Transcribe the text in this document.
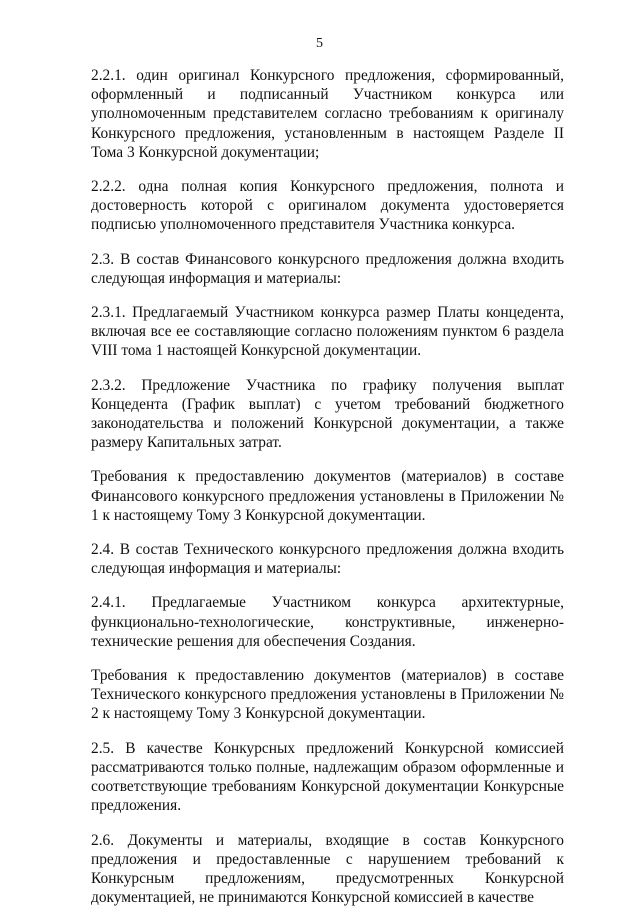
5

2.2.1. один оригинал Конкурсного предложения, сформированный, оформленный и подписанный Участником конкурса или уполномоченным представителем согласно требованиям к оригиналу Конкурсного предложения, установленным в настоящем Разделе II Тома 3 Конкурсной документации;

2.2.2. одна полная копия Конкурсного предложения, полнота и достоверность которой с оригиналом документа удостоверяется подписью уполномоченного представителя Участника конкурса.

2.3. В состав Финансового конкурсного предложения должна входить следующая информация и материалы:

2.3.1. Предлагаемый Участником конкурса размер Платы концедента, включая все ее составляющие согласно положениям пунктом 6 раздела VIII тома 1 настоящей Конкурсной документации.

2.3.2. Предложение Участника по графику получения выплат Концедента (График выплат) с учетом требований бюджетного законодательства и положений Конкурсной документации, а также размеру Капитальных затрат.

Требования к предоставлению документов (материалов) в составе Финансового конкурсного предложения установлены в Приложении № 1 к настоящему Тому 3 Конкурсной документации.

2.4. В состав Технического конкурсного предложения должна входить следующая информация и материалы:

2.4.1. Предлагаемые Участником конкурса архитектурные, функционально-технологические, конструктивные, инженерно-технические решения для обеспечения Создания.

Требования к предоставлению документов (материалов) в составе Технического конкурсного предложения установлены в Приложении № 2 к настоящему Тому 3 Конкурсной документации.

2.5. В качестве Конкурсных предложений Конкурсной комиссией рассматриваются только полные, надлежащим образом оформленные и соответствующие требованиям Конкурсной документации Конкурсные предложения.

2.6. Документы и материалы, входящие в состав Конкурсного предложения и предоставленные с нарушением требований к Конкурсным предложениям, предусмотренных Конкурсной документацией, не принимаются Конкурсной комиссией в качестве
